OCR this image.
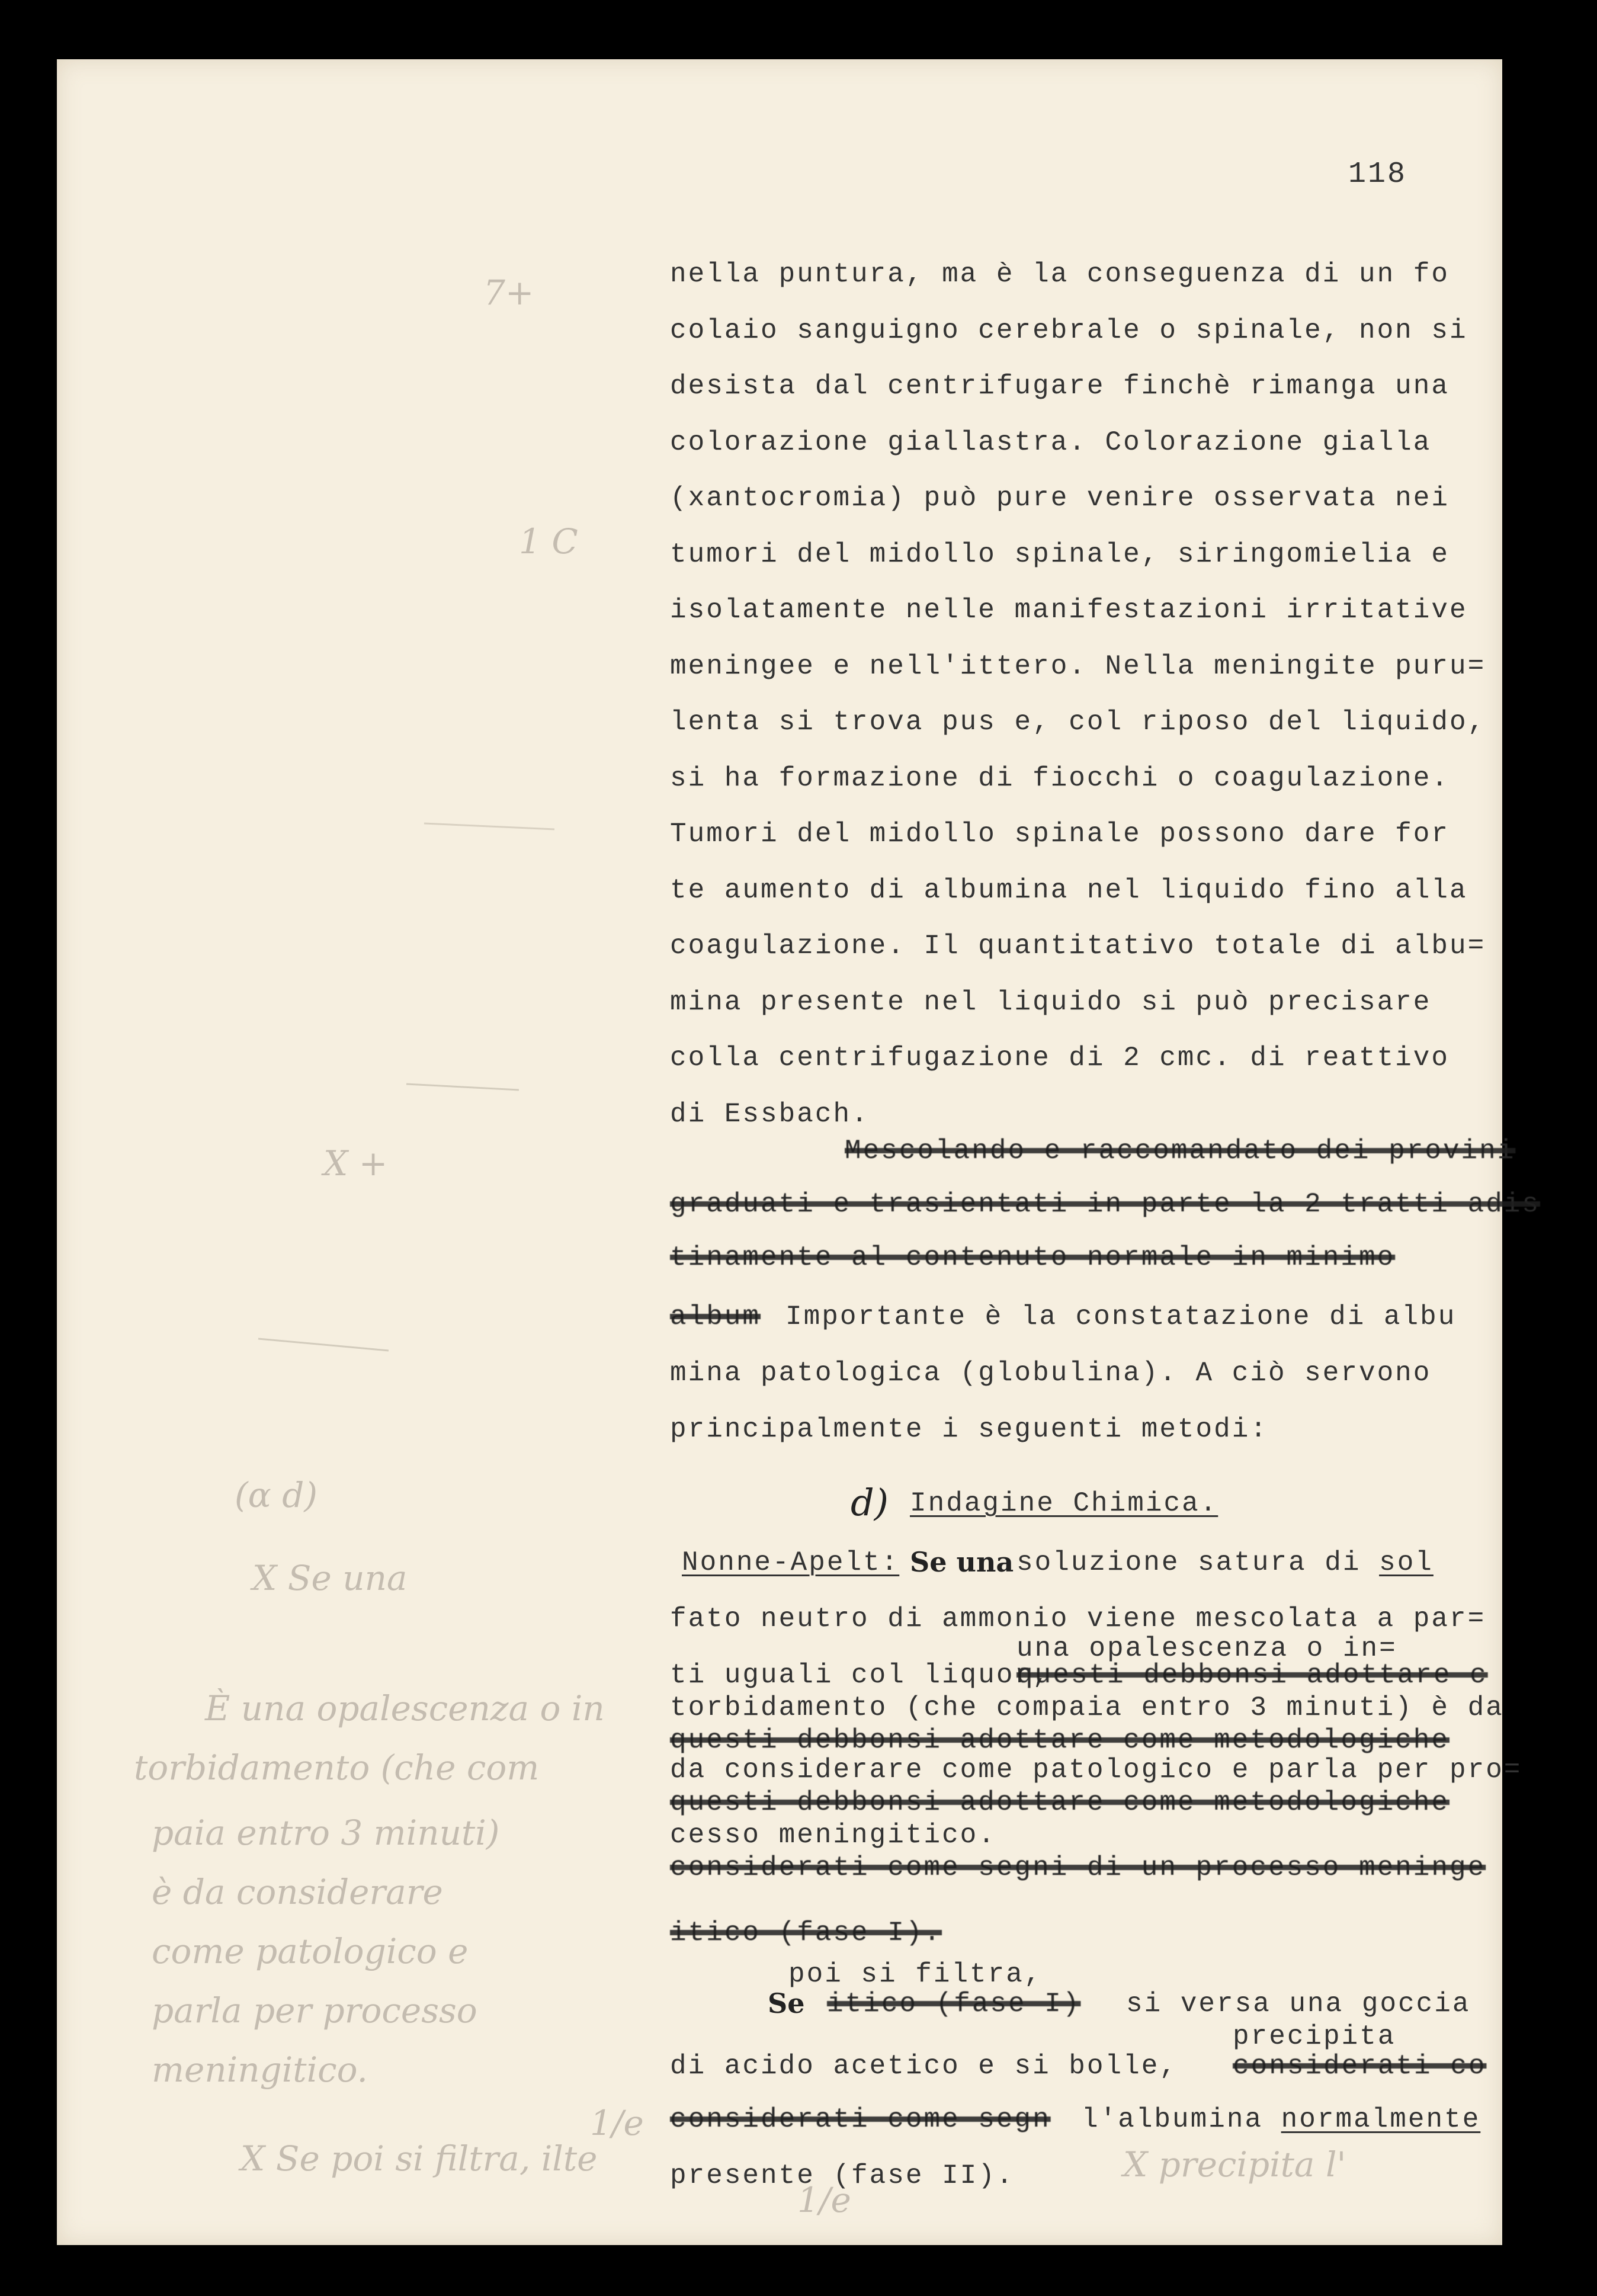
118
nella puntura, ma è la conseguenza di un fo
colaio sanguigno cerebrale o spinale, non si
desista dal centrifugare finchè rimanga una
colorazione giallastra. Colorazione gialla
(xantocromia) può pure venire osservata nei
tumori del midollo spinale, siringomielia e
isolatamente nelle manifestazioni irritative
meningee e nell'ittero. Nella meningite puru=
lenta si trova pus e, col riposo del liquido,
si ha formazione di fiocchi o coagulazione.
Tumori del midollo spinale possono dare for
te aumento di albumina nel liquido fino alla
coagulazione. Il quantitativo totale di albu=
mina presente nel liquido si può precisare
colla centrifugazione di 2 cmc. di reattivo
di Essbach.
Mescolando e raccomandato dei provini
graduati e trasientati in parte la 2 tratti adis
tinamente al contenuto normale in minimo
album Importante è la constatazione di albu
mina patologica (globulina). A ciò servono
principalmente i seguenti metodi:
d) Indagine Chimica.
Nonne-Apelt: Se una soluzione satura di sol
fato neutro di ammonio viene mescolata a par=
una opalescenza o in=
ti uguali col liquor,
questi debbonsi adottare c
torbidamento (che compaia entro 3 minuti) è da
questi debbonsi adottare come metodologiche
da considerare come patologico e parla per pro=
questi debbonsi adottare come metodologiche
cesso meningitico.
considerati come segni di un processo meninge
itico (fase I).
poi si filtra,
Se itico (fase I) si versa una goccia
precipita
di acido acetico e si bolle, considerati co
considerati come segn l'albumina normalmente
presente (fase II).
7+
1 C
X +
(α d)
X Se una
È una opalescenza o in
torbidamento (che com
paia entro 3 minuti)
è da considerare
come patologico e
parla per processo
meningitico.
X Se poi si filtra, ilte	X precipita l'
1/e
1/e
